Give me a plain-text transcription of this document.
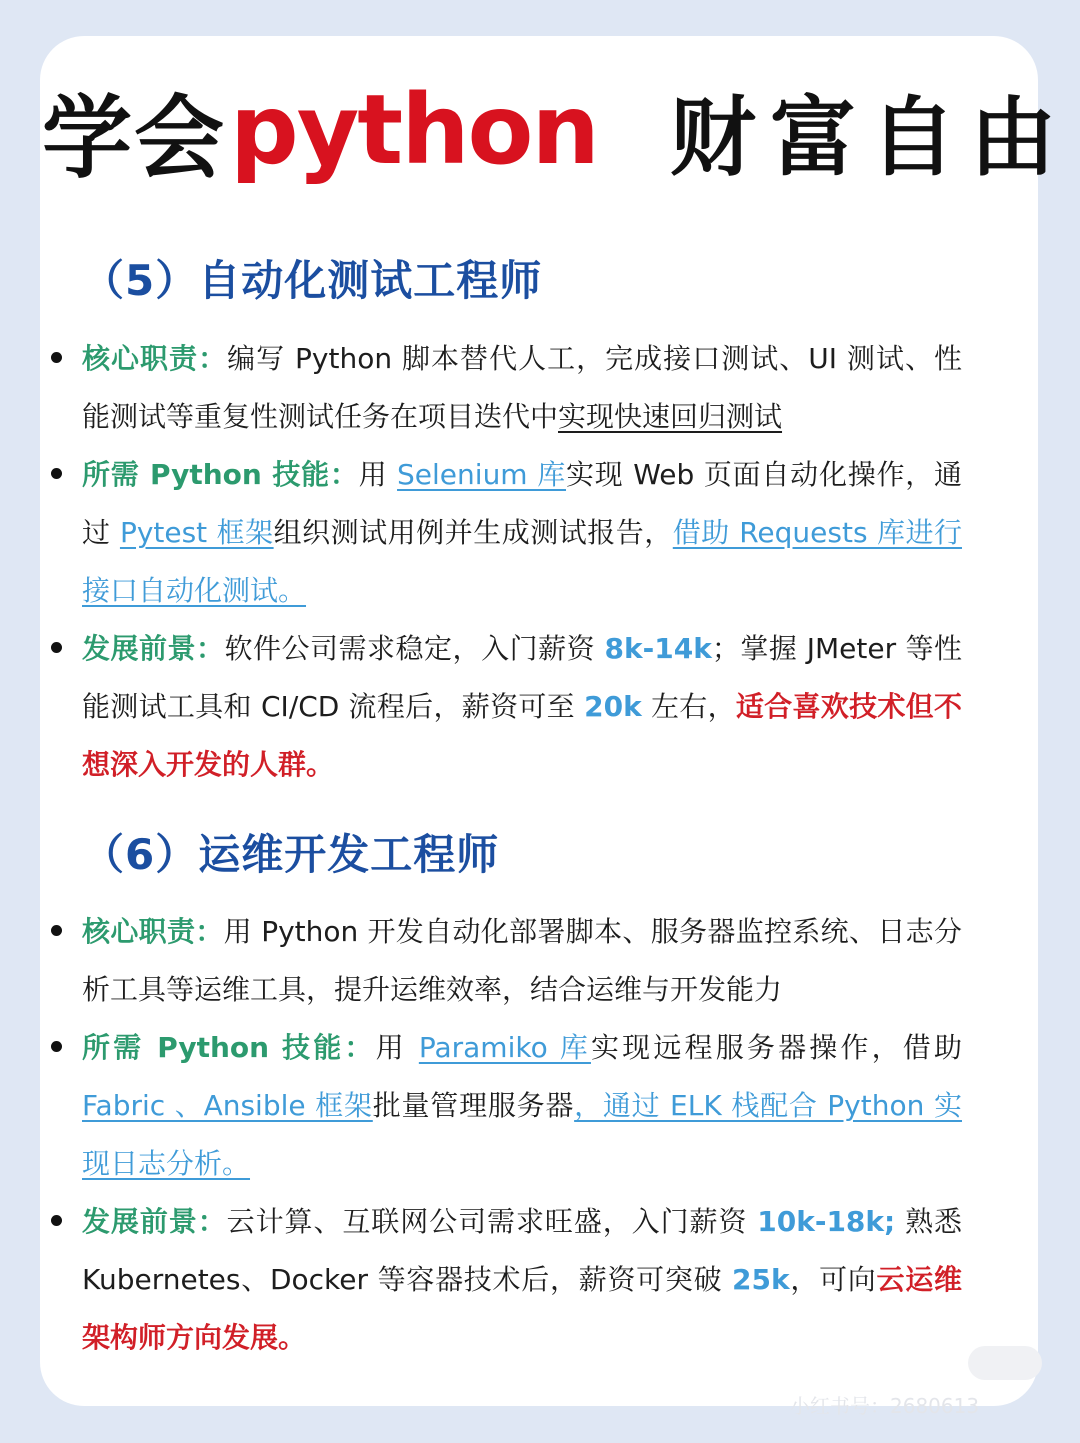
学会 python 财富自由
（5）自动化测试工程师
核心职责：编写 Python 脚本替代人工，完成接口测试、UI 测试、性能测试等重复性测试任务在项目迭代中实现快速回归测试
所需 Python 技能：用 Selenium 库实现 Web 页面自动化操作，通过 Pytest 框架组织测试用例并生成测试报告，借助 Requests 库进行接口自动化测试。
发展前景：软件公司需求稳定，入门薪资 8k-14k；掌握 JMeter 等性能测试工具和 CI/CD 流程后，薪资可至 20k 左右，适合喜欢技术但不想深入开发的人群。
（6）运维开发工程师
核心职责：用 Python 开发自动化部署脚本、服务器监控系统、日志分析工具等运维工具，提升运维效率，结合运维与开发能力
所需 Python 技能：用 Paramiko 库实现远程服务器操作，借助 Fabric 、Ansible 框架批量管理服务器，通过 ELK 栈配合 Python 实现日志分析。
发展前景：云计算、互联网公司需求旺盛，入门薪资 10k-18k; 熟悉 Kubernetes、Docker 等容器技术后，薪资可突破 25k，可向云运维架构师方向发展。
小红书号：2680613
